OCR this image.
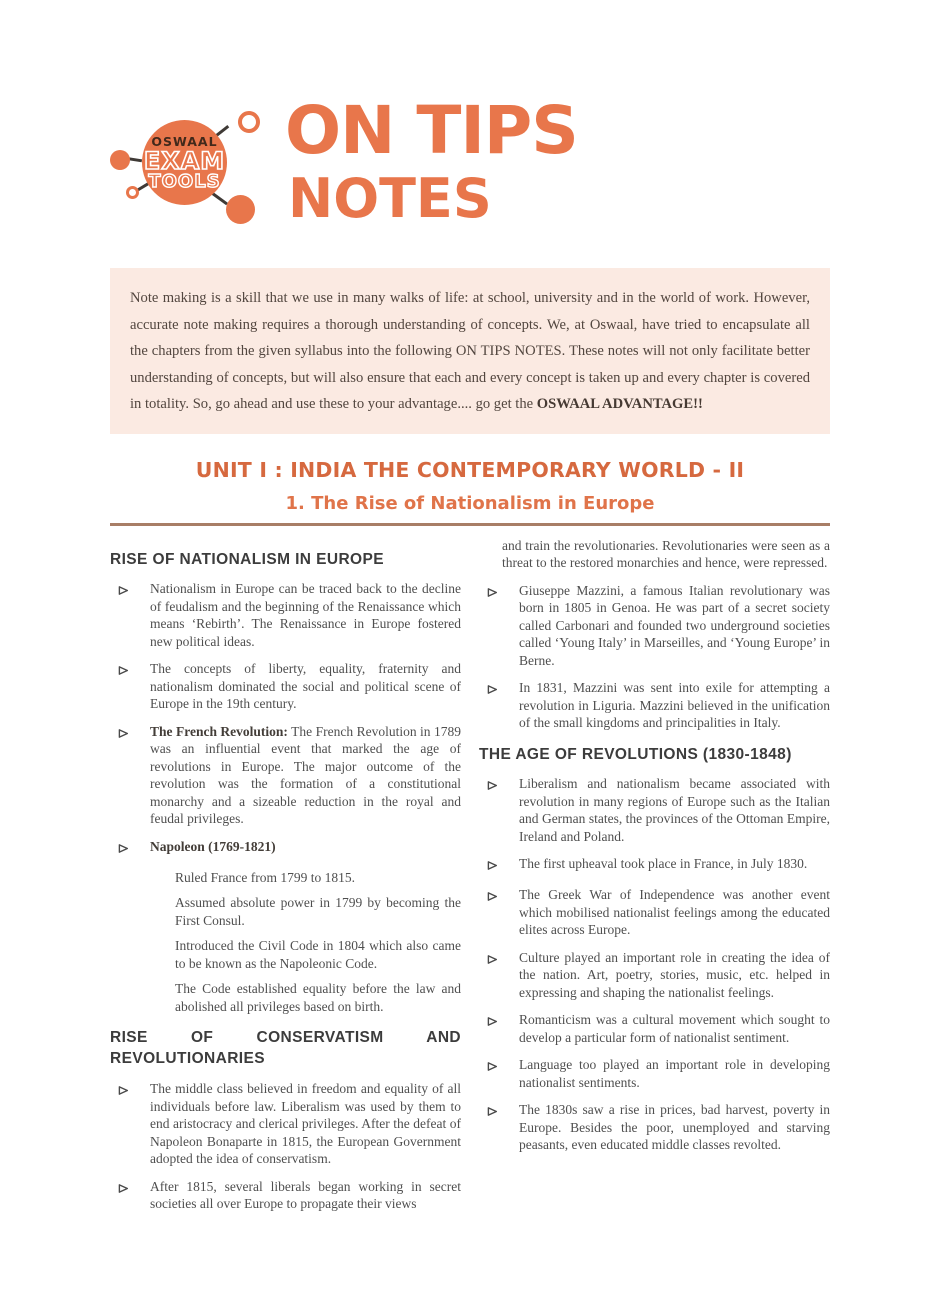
OSWAAL
EXAM
TOOLS
ON TIPS
NOTES

Note making is a skill that we use in many walks of life: at school, university and in the world of work. However, accurate note making requires a thorough understanding of concepts. We, at Oswaal, have tried to encapsulate all the chapters from the given syllabus into the following ON TIPS NOTES. These notes will not only facilitate better understanding of concepts, but will also ensure that each and every concept is taken up and every chapter is covered in totality. So, go ahead and use these to your advantage.... go get the OSWAAL ADVANTAGE!!

UNIT I : INDIA THE CONTEMPORARY WORLD - II
1. The Rise of Nationalism in Europe
RISE OF NATIONALISM IN EUROPE
Nationalism in Europe can be traced back to the decline of feudalism and the beginning of the Renaissance which means ‘Rebirth’. The Renaissance in Europe fostered new political ideas.
The concepts of liberty, equality, fraternity and nationalism dominated the social and political scene of Europe in the 19th century.
The French Revolution: The French Revolution in 1789 was an influential event that marked the age of revolutions in Europe. The major outcome of the revolution was the formation of a constitutional monarchy and a sizeable reduction in the royal and feudal privileges.
Napoleon (1769-1821)
Ruled France from 1799 to 1815.
Assumed absolute power in 1799 by becoming the First Consul.
Introduced the Civil Code in 1804 which also came to be known as the Napoleonic Code.
The Code established equality before the law and abolished all privileges based on birth.
RISE OF CONSERVATISM AND REVOLUTIONARIES
The middle class believed in freedom and equality of all individuals before law. Liberalism was used by them to end aristocracy and clerical privileges. After the defeat of Napoleon Bonaparte in 1815, the European Government adopted the idea of conservatism.
After 1815, several liberals began working in secret societies all over Europe to propagate their views
and train the revolutionaries. Revolutionaries were seen as a threat to the restored monarchies and hence, were repressed.
Giuseppe Mazzini, a famous Italian revolutionary was born in 1805 in Genoa. He was part of a secret society called Carbonari and founded two underground societies called ‘Young Italy’ in Marseilles, and ‘Young Europe’ in Berne.
In 1831, Mazzini was sent into exile for attempting a revolution in Liguria. Mazzini believed in the unification of the small kingdoms and principalities in Italy.
THE AGE OF REVOLUTIONS (1830-1848)
Liberalism and nationalism became associated with revolution in many regions of Europe such as the Italian and German states, the provinces of the Ottoman Empire, Ireland and Poland.
The first upheaval took place in France, in July 1830.
The Greek War of Independence was another event which mobilised nationalist feelings among the educated elites across Europe.
Culture played an important role in creating the idea of the nation. Art, poetry, stories, music, etc. helped in expressing and shaping the nationalist feelings.
Romanticism was a cultural movement which sought to develop a particular form of nationalist sentiment.
Language too played an important role in developing nationalist sentiments.
The 1830s saw a rise in prices, bad harvest, poverty in Europe. Besides the poor, unemployed and starving peasants, even educated middle classes revolted.
